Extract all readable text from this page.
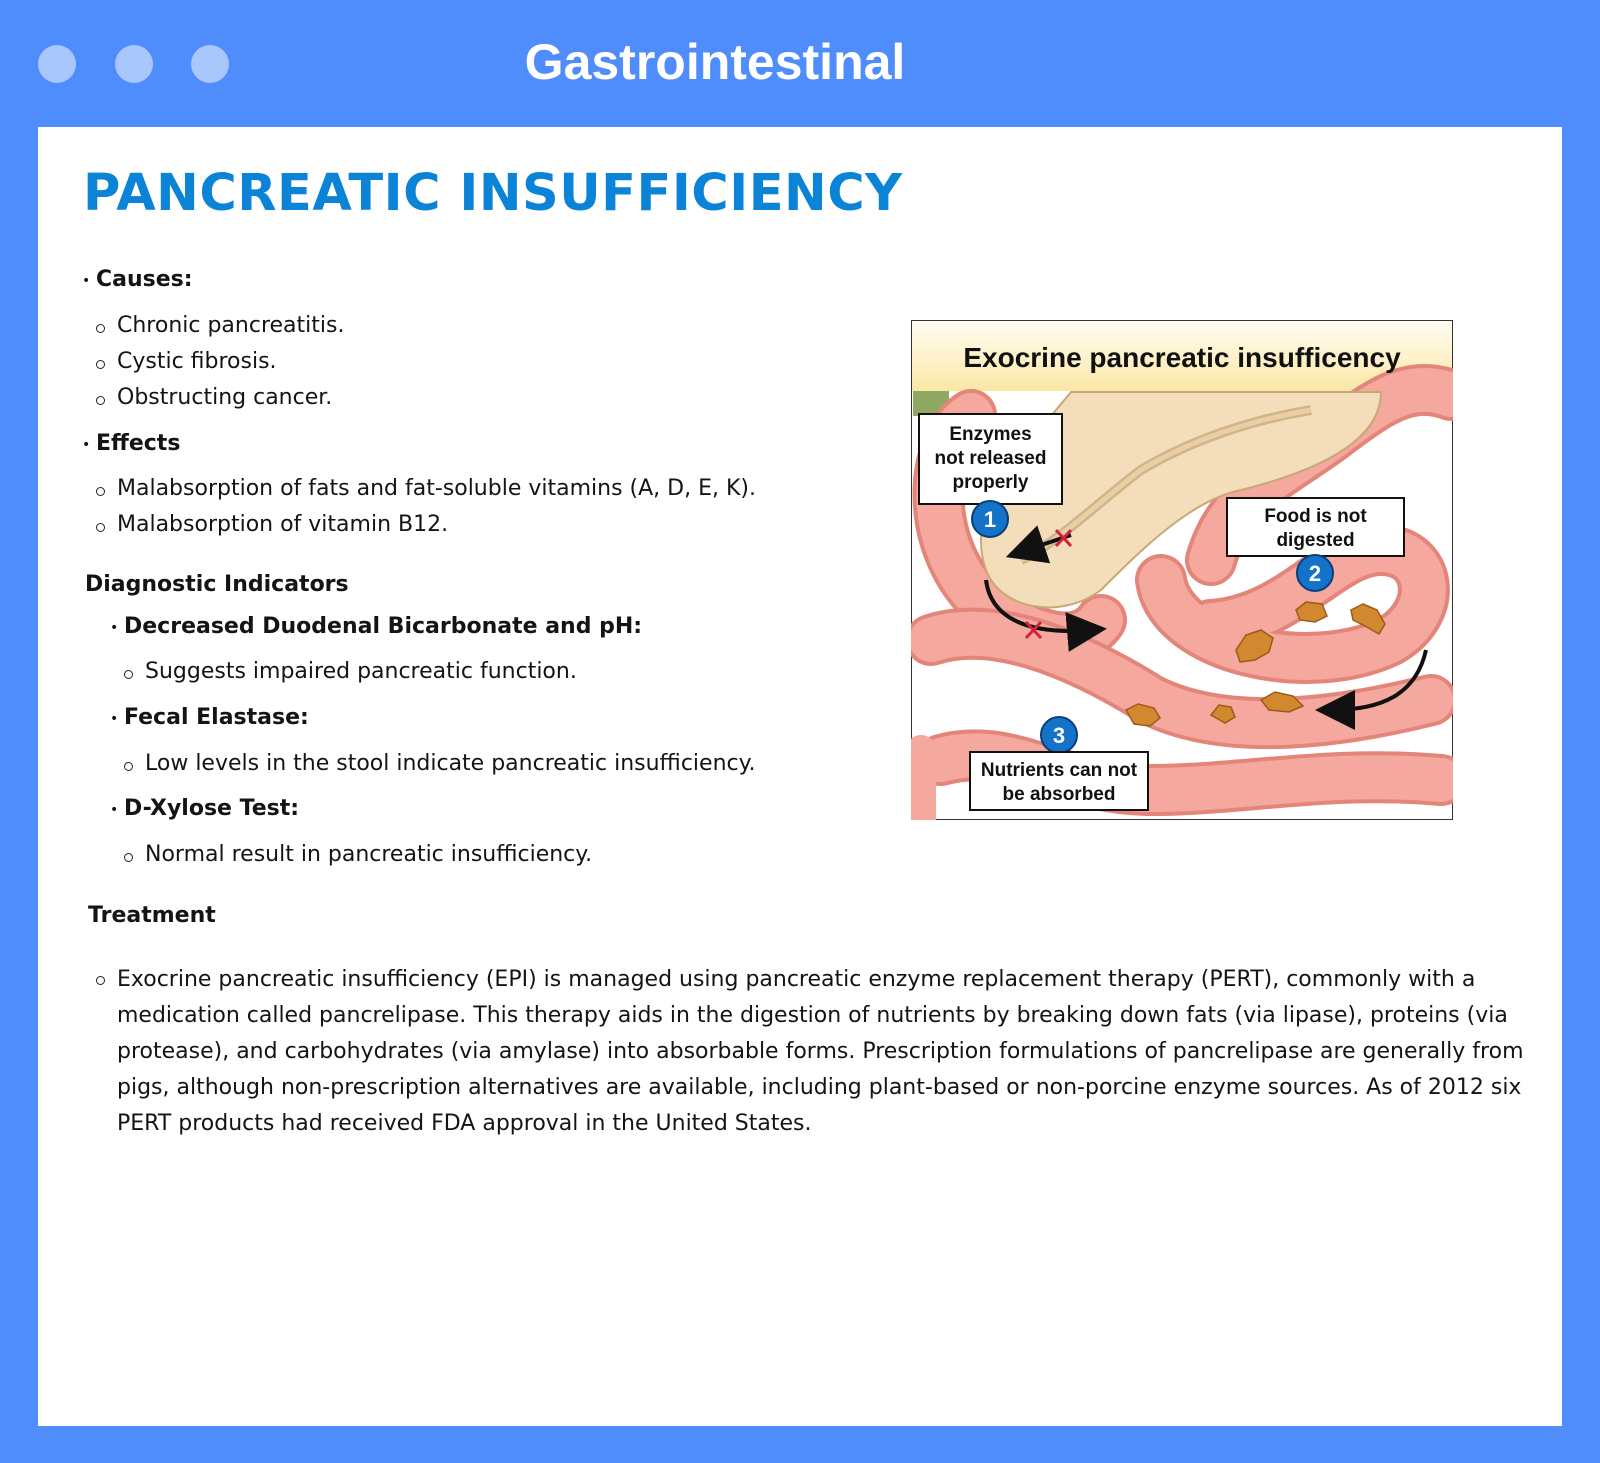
Gastrointestinal
PANCREATIC INSUFFICIENCY
• Causes:
Chronic pancreatitis.
Cystic fibrosis.
Obstructing cancer.
• Effects
Malabsorption of fats and fat-soluble vitamins (A, D, E, K).
Malabsorption of vitamin B12.
Diagnostic Indicators
• Decreased Duodenal Bicarbonate and pH:
Suggests impaired pancreatic function.
• Fecal Elastase:
Low levels in the stool indicate pancreatic insufficiency.
• D-Xylose Test:
Normal result in pancreatic insufficiency.
Treatment
Exocrine pancreatic insufficiency (EPI) is managed using pancreatic enzyme replacement therapy (PERT), commonly with a medication called pancrelipase. This therapy aids in the digestion of nutrients by breaking down fats (via lipase), proteins (via protease), and carbohydrates (via amylase) into absorbable forms. Prescription formulations of pancrelipase are generally from pigs, although non-prescription alternatives are available, including plant-based or non-porcine enzyme sources. As of 2012 six PERT products had received FDA approval in the United States.
Exocrine pancreatic insufficency
Enzymes
not released
properly
1	Food is not
digested
2
3
Nutrients can not
be absorbed
